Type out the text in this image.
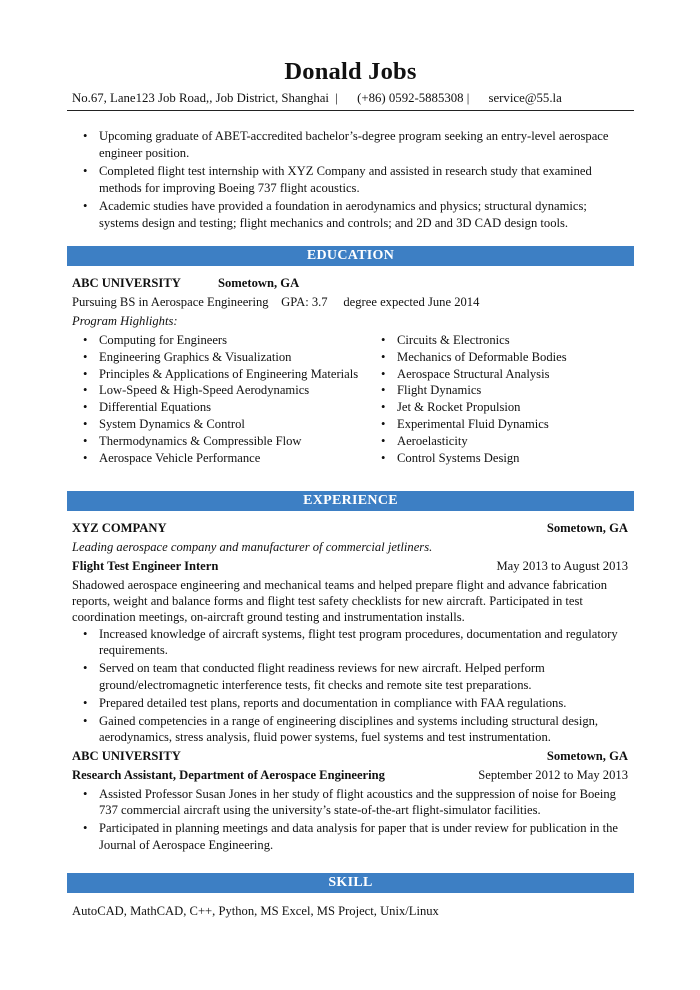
Donald Jobs
No.67, Lane123 Job Road,, Job District, Shanghai | (+86) 0592-5885308 | service@55.la
• Upcoming graduate of ABET-accredited bachelor’s-degree program seeking an entry-level aerospace engineer position.
• Completed flight test internship with XYZ Company and assisted in research study that examined methods for improving Boeing 737 flight acoustics.
• Academic studies have provided a foundation in aerodynamics and physics; structural dynamics; systems design and testing; flight mechanics and controls; and 2D and 3D CAD design tools.
EDUCATION
ABC UNIVERSITY	Sometown, GA
Pursuing BS in Aerospace Engineering GPA: 3.7 degree expected June 2014
Program Highlights:
• Computing for Engineers
• Engineering Graphics & Visualization
• Principles & Applications of Engineering Materials
• Low-Speed & High-Speed Aerodynamics
• Differential Equations
• System Dynamics & Control
• Thermodynamics & Compressible Flow
• Aerospace Vehicle Performance
• Circuits & Electronics
• Mechanics of Deformable Bodies
• Aerospace Structural Analysis
• Flight Dynamics
• Jet & Rocket Propulsion
• Experimental Fluid Dynamics
• Aeroelasticity
• Control Systems Design
EXPERIENCE
XYZ COMPANY	Sometown, GA
Leading aerospace company and manufacturer of commercial jetliners.
Flight Test Engineer Intern	May 2013 to August 2013
Shadowed aerospace engineering and mechanical teams and helped prepare flight and advance fabrication reports, weight and balance forms and flight test safety checklists for new aircraft. Participated in test coordination meetings, on-aircraft ground testing and instrumentation installs.
• Increased knowledge of aircraft systems, flight test program procedures, documentation and regulatory requirements.
• Served on team that conducted flight readiness reviews for new aircraft. Helped perform ground/electromagnetic interference tests, fit checks and remote site test preparations.
• Prepared detailed test plans, reports and documentation in compliance with FAA regulations.
• Gained competencies in a range of engineering disciplines and systems including structural design, aerodynamics, stress analysis, fluid power systems, fuel systems and test instrumentation.
ABC UNIVERSITY	Sometown, GA
Research Assistant, Department of Aerospace Engineering	September 2012 to May 2013
• Assisted Professor Susan Jones in her study of flight acoustics and the suppression of noise for Boeing 737 commercial aircraft using the university’s state-of-the-art flight-simulator facilities.
• Participated in planning meetings and data analysis for paper that is under review for publication in the Journal of Aerospace Engineering.
SKILL
AutoCAD, MathCAD, C++, Python, MS Excel, MS Project, Unix/Linux
